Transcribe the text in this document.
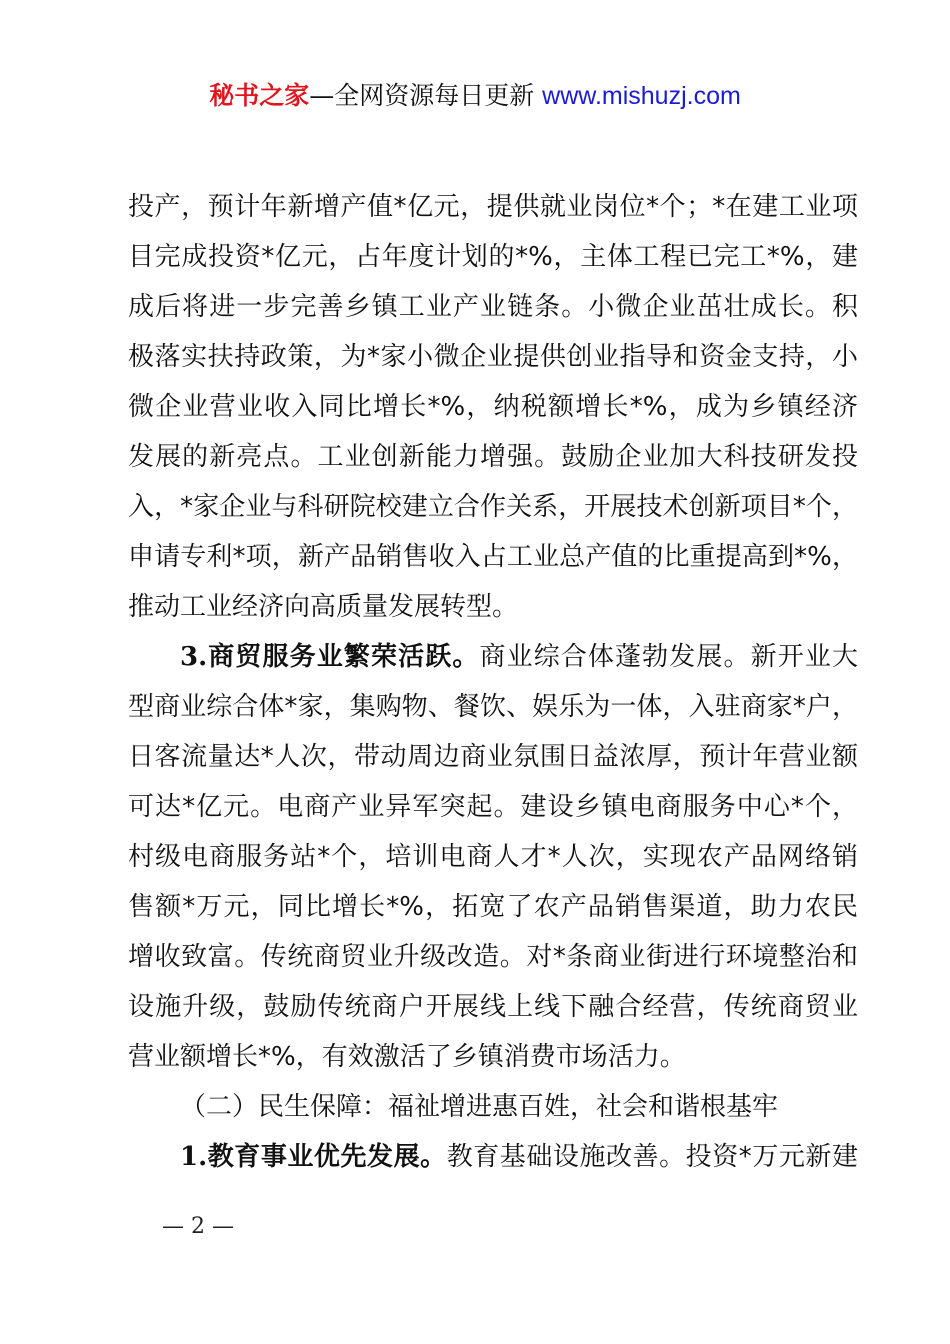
秘书之家—全网资源每日更新 www.mishuzj.com
投产，预计年新增产值*亿元，提供就业岗位*个；*在建工业项
目完成投资*亿元，占年度计划的*%，主体工程已完工*%，建
成后将进一步完善乡镇工业产业链条。小微企业茁壮成长。积
极落实扶持政策，为*家小微企业提供创业指导和资金支持，小
微企业营业收入同比增长*%，纳税额增长*%，成为乡镇经济
发展的新亮点。工业创新能力增强。鼓励企业加大科技研发投
入，*家企业与科研院校建立合作关系，开展技术创新项目*个，
申请专利*项，新产品销售收入占工业总产值的比重提高到*%，
推动工业经济向高质量发展转型。
3.商贸服务业繁荣活跃。商业综合体蓬勃发展。新开业大
型商业综合体*家，集购物、餐饮、娱乐为一体，入驻商家*户，
日客流量达*人次，带动周边商业氛围日益浓厚，预计年营业额
可达*亿元。电商产业异军突起。建设乡镇电商服务中心*个，
村级电商服务站*个，培训电商人才*人次，实现农产品网络销
售额*万元，同比增长*%，拓宽了农产品销售渠道，助力农民
增收致富。传统商贸业升级改造。对*条商业街进行环境整治和
设施升级，鼓励传统商户开展线上线下融合经营，传统商贸业
营业额增长*%，有效激活了乡镇消费市场活力。
（二）民生保障：福祉增进惠百姓，社会和谐根基牢
1.教育事业优先发展。教育基础设施改善。投资*万元新建
— 2 —
